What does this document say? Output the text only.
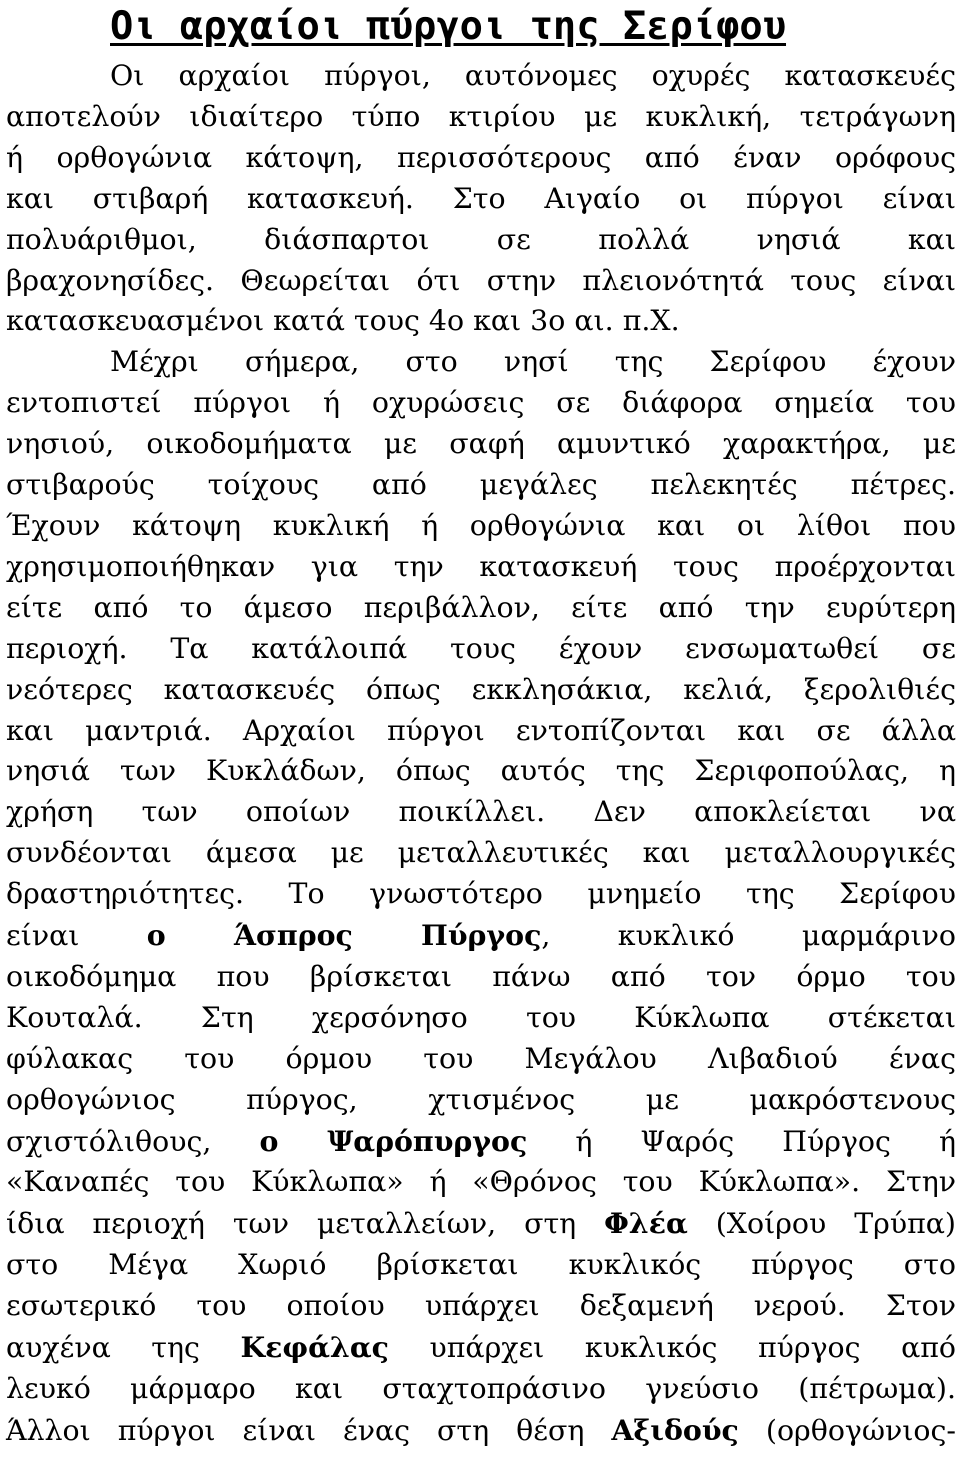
Οι αρχαίοι πύργοι της Σερίφου
Οι αρχαίοι πύργοι, αυτόνομες οχυρές κατασκευές
αποτελούν ιδιαίτερο τύπο κτιρίου με κυκλική, τετράγωνη
ή ορθογώνια κάτοψη, περισσότερους από έναν ορόφους
και στιβαρή κατασκευή. Στο Αιγαίο οι πύργοι είναι
πολυάριθμοι, διάσπαρτοι σε πολλά νησιά και
βραχονησίδες. Θεωρείται ότι στην πλειονότητά τους είναι
κατασκευασμένοι κατά τους 4ο και 3ο αι. π.Χ.
Μέχρι σήμερα, στο νησί της Σερίφου έχουν
εντοπιστεί πύργοι ή οχυρώσεις σε διάφορα σημεία του
νησιού, οικοδομήματα με σαφή αμυντικό χαρακτήρα, με
στιβαρούς τοίχους από μεγάλες πελεκητές πέτρες.
Έχουν κάτοψη κυκλική ή ορθογώνια και οι λίθοι που
χρησιμοποιήθηκαν για την κατασκευή τους προέρχονται
είτε από το άμεσο περιβάλλον, είτε από την ευρύτερη
περιοχή. Τα κατάλοιπά τους έχουν ενσωματωθεί σε
νεότερες κατασκευές όπως εκκλησάκια, κελιά, ξερολιθιές
και μαντριά. Αρχαίοι πύργοι εντοπίζονται και σε άλλα
νησιά των Κυκλάδων, όπως αυτός της Σεριφοπούλας, η
χρήση των οποίων ποικίλλει. Δεν αποκλείεται να
συνδέονται άμεσα με μεταλλευτικές και μεταλλουργικές
δραστηριότητες. Το γνωστότερο μνημείο της Σερίφου
είναι ο Άσπρος Πύργος, κυκλικό μαρμάρινο
οικοδόμημα που βρίσκεται πάνω από τον όρμο του
Κουταλά. Στη χερσόνησο του Κύκλωπα στέκεται
φύλακας του όρμου του Μεγάλου Λιβαδιού ένας
ορθογώνιος πύργος, χτισμένος με μακρόστενους
σχιστόλιθους, ο Ψαρόπυργος ή Ψαρός Πύργος ή
«Καναπές του Κύκλωπα» ή «Θρόνος του Κύκλωπα». Στην
ίδια περιοχή των μεταλλείων, στη Φλέα (Χοίρου Τρύπα)
στο Μέγα Χωριό βρίσκεται κυκλικός πύργος στο
εσωτερικό του οποίου υπάρχει δεξαμενή νερού. Στον
αυχένα της Κεφάλας υπάρχει κυκλικός πύργος από
λευκό μάρμαρο και σταχτοπράσινο γνεύσιο (πέτρωμα).
Άλλοι πύργοι είναι ένας στη θέση Αξιδούς (ορθογώνιος-
